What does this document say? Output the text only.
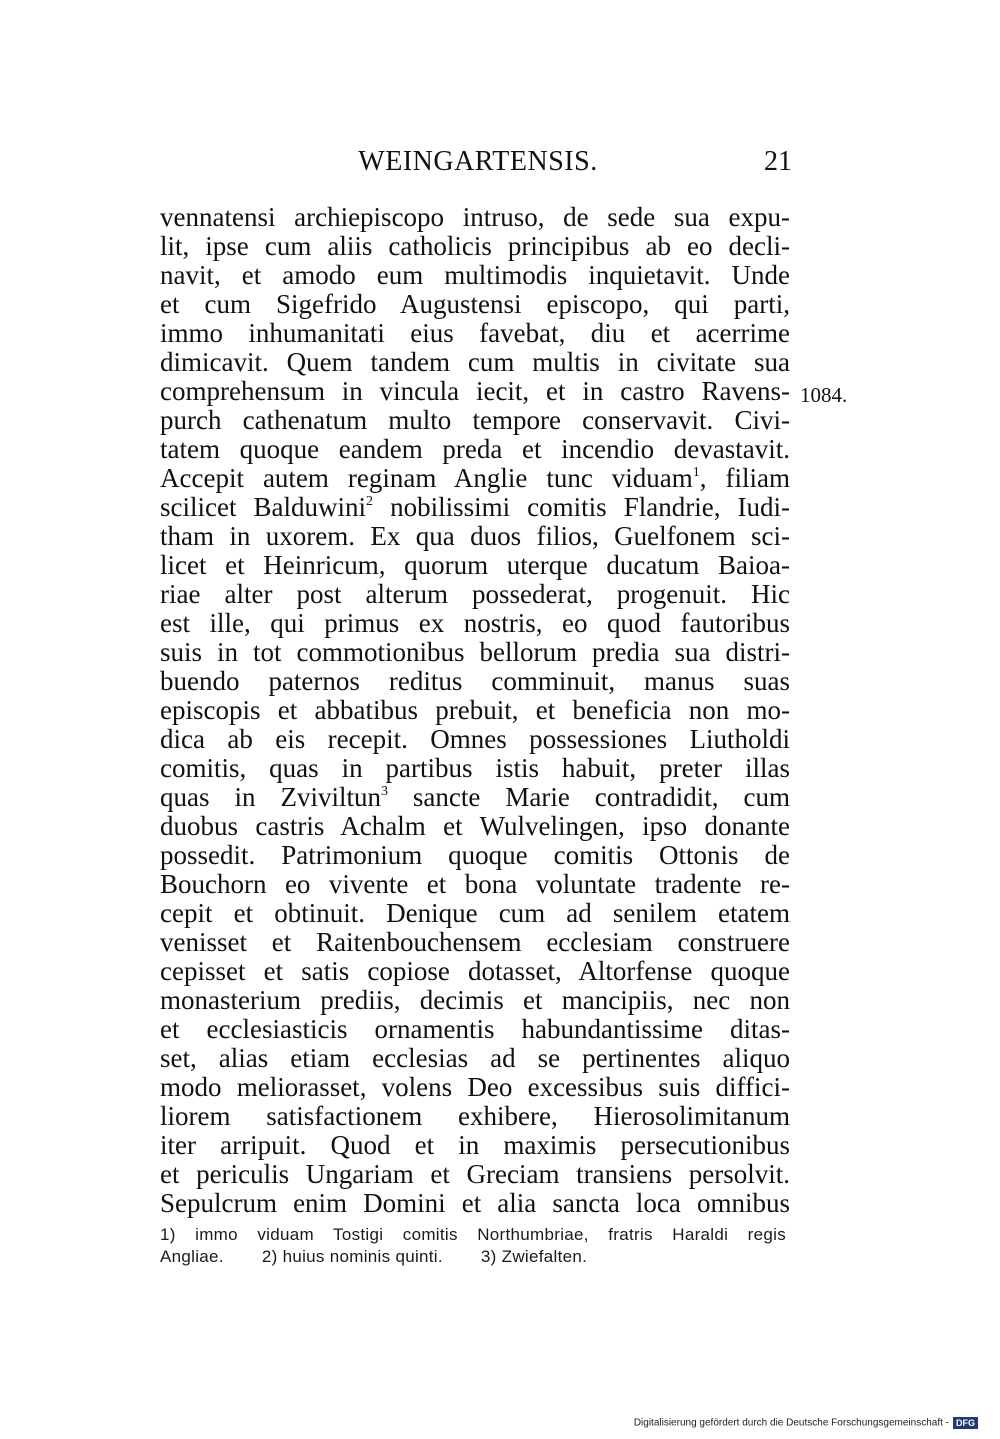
WEINGARTENSIS.	21
vennatensi archiepiscopo intruso, de sede sua expu-
lit, ipse cum aliis catholicis principibus ab eo decli-
navit, et amodo eum multimodis inquietavit. Unde
et cum Sigefrido Augustensi episcopo, qui parti,
immo inhumanitati eius favebat, diu et acerrime
dimicavit. Quem tandem cum multis in civitate sua
comprehensum in vincula iecit, et in castro Ravens-
purch cathenatum multo tempore conservavit. Civi-
tatem quoque eandem preda et incendio devastavit.
Accepit autem reginam Anglie tunc viduam$^1$, filiam
scilicet Balduwini$^2$ nobilissimi comitis Flandrie, Iudi-
tham in uxorem. Ex qua duos filios, Guelfonem sci-
licet et Heinricum, quorum uterque ducatum Baioa-
riae alter post alterum possederat, progenuit. Hic
est ille, qui primus ex nostris, eo quod fautoribus
suis in tot commotionibus bellorum predia sua distri-
buendo paternos reditus comminuit, manus suas
episcopis et abbatibus prebuit, et beneficia non mo-
dica ab eis recepit. Omnes possessiones Liutholdi
comitis, quas in partibus istis habuit, preter illas
quas in Zviviltun$^3$ sancte Marie contradidit, cum
duobus castris Achalm et Wulvelingen, ipso donante
possedit. Patrimonium quoque comitis Ottonis de
Bouchorn eo vivente et bona voluntate tradente re-
cepit et obtinuit. Denique cum ad senilem etatem
venisset et Raitenbouchensem ecclesiam construere
cepisset et satis copiose dotasset, Altorfense quoque
monasterium prediis, decimis et mancipiis, nec non
et ecclesiasticis ornamentis habundantissime ditas-
set, alias etiam ecclesias ad se pertinentes aliquo
modo meliorasset, volens Deo excessibus suis diffici-
liorem satisfactionem exhibere, Hierosolimitanum
iter arripuit. Quod et in maximis persecutionibus
et periculis Ungariam et Greciam transiens persolvit.
Sepulcrum enim Domini et alia sancta loca omnibus
1084.
1) immo viduam Tostigi comitis Northumbriae, fratris Haraldi regis
Angliae. 2) huius nominis quinti. 3) Zwiefalten.
Digitalisierung gefördert durch die Deutsche Forschungsgemeinschaft - DFG
